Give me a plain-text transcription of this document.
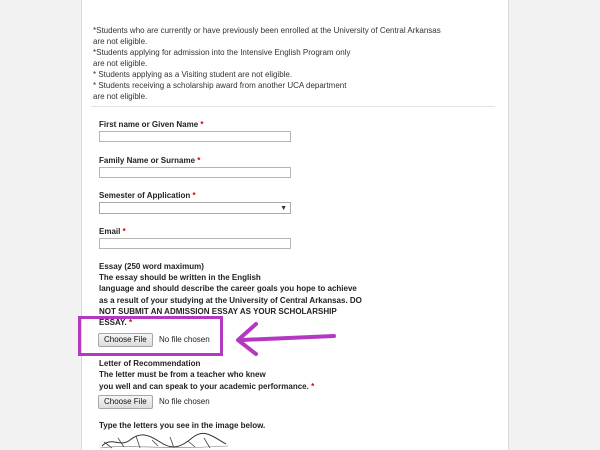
*Students who are currently or have previously been enrolled at the University of Central Arkansas
are not eligible.
*Students applying for admission into the Intensive English Program only
are not eligible.
* Students applying as a Visiting student are not eligible.
* Students receiving a scholarship award from another UCA department
are not eligible.
First name or Given Name *
Family Name or Surname *
Semester of Application *
▼
Email *
Essay (250 word maximum)
The essay should be written in the English
language and should describe the career goals you hope to achieve
as a result of your studying at the University of Central Arkansas. DO
NOT SUBMIT AN ADMISSION ESSAY AS YOUR SCHOLARSHIP
ESSAY. *
Choose File	No file chosen
Letter of Recommendation
The letter must be from a teacher who knew
you well and can speak to your academic performance. *
Choose File	No file chosen
Type the letters you see in the image below.
